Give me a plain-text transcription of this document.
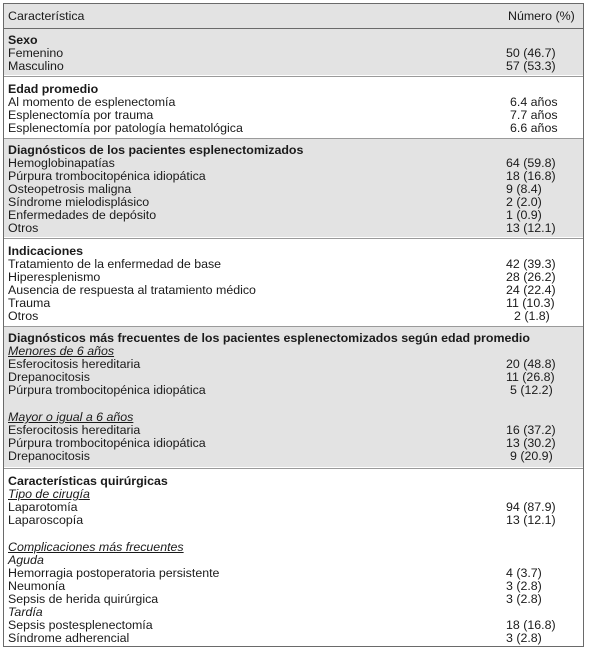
Característica	Número (%)
Sexo
Femenino	50 (46.7)
Masculino	57 (53.3)
Edad promedio
Al momento de esplenectomía	6.4 años
Esplenectomía por trauma	7.7 años
Esplenectomía por patología hematológica	6.6 años
Diagnósticos de los pacientes esplenectomizados
Hemoglobinapatías	64 (59.8)
Púrpura trombocitopénica idiopática	18 (16.8)
Osteopetrosis maligna	9 (8.4)
Síndrome mielodisplásico	2 (2.0)
Enfermedades de depósito	1 (0.9)
Otros	13 (12.1)
Indicaciones
Tratamiento de la enfermedad de base	42 (39.3)
Hiperesplenismo	28 (26.2)
Ausencia de respuesta al tratamiento médico	24 (22.4)
Trauma	11 (10.3)
Otros	2 (1.8)
Diagnósticos más frecuentes de los pacientes esplenectomizados según edad promedio
Menores de 6 años
Esferocitosis hereditaria	20 (48.8)
Drepanocitosis	11 (26.8)
Púrpura trombocitopénica idiopática	5 (12.2)
Mayor o igual a 6 años
Esferocitosis hereditaria	16 (37.2)
Púrpura trombocitopénica idiopática	13 (30.2)
Drepanocitosis	9 (20.9)
Características quirúrgicas
Tipo de cirugía
Laparotomía	94 (87.9)
Laparoscopía	13 (12.1)
Complicaciones más frecuentes
Aguda
Hemorragia postoperatoria persistente	4 (3.7)
Neumonía	3 (2.8)
Sepsis de herida quirúrgica	3 (2.8)
Tardía
Sepsis postesplenectomía	18 (16.8)
Síndrome adherencial	3 (2.8)
